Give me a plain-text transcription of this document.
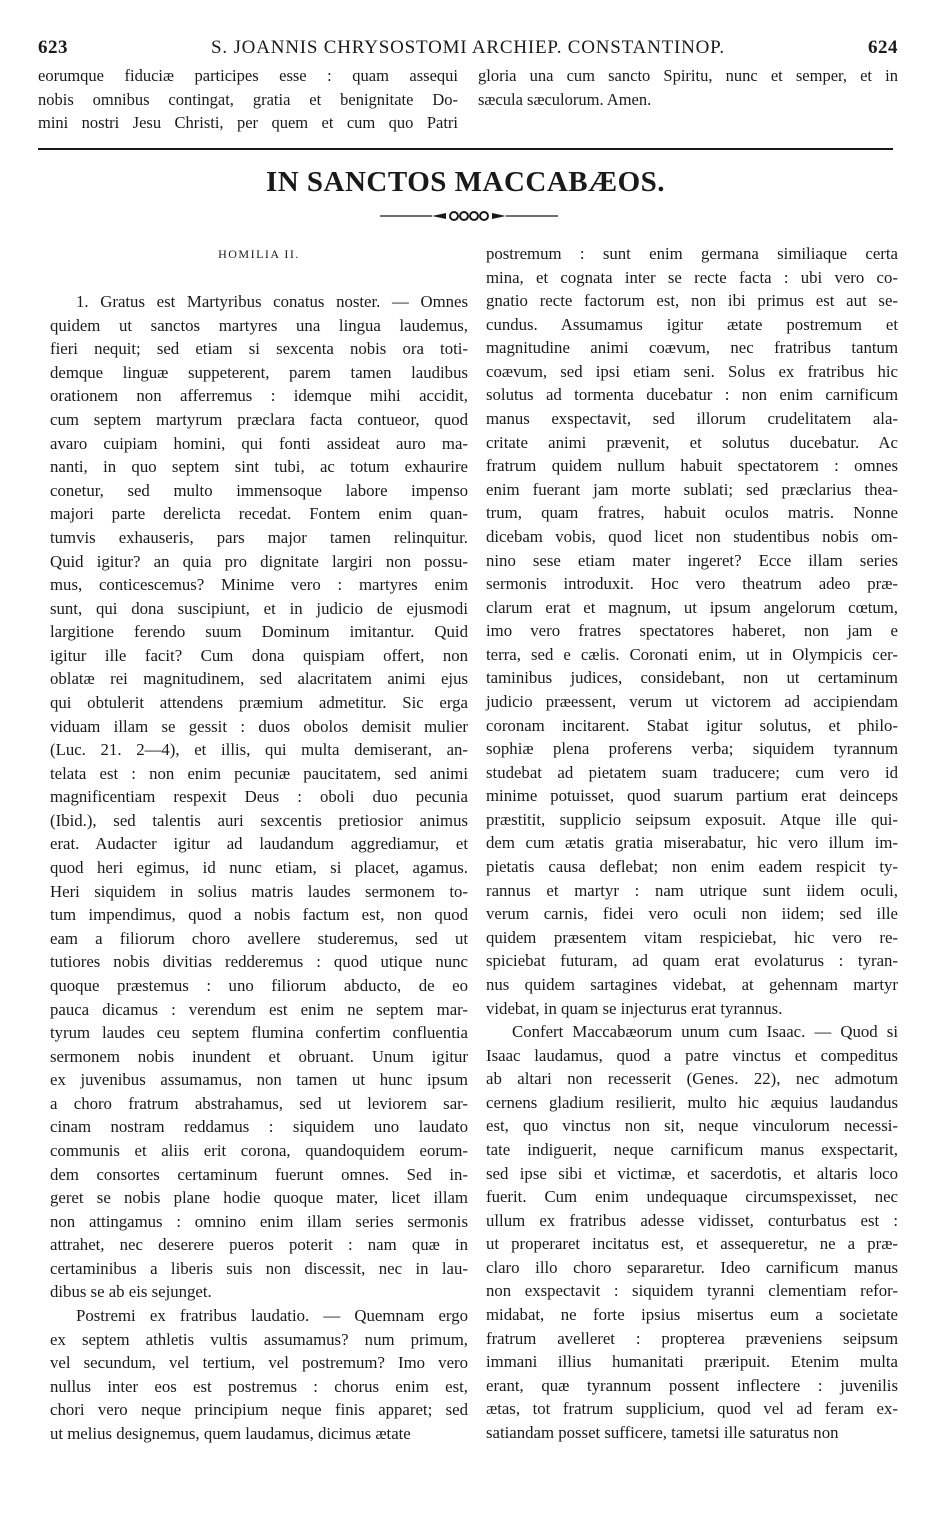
623	S. JOANNIS CHRYSOSTOMI ARCHIEP. CONSTANTINOP.	624
eorumque fiduciæ participes esse : quam assequi
nobis omnibus contingat, gratia et benignitate Do-
mini nostri Jesu Christi, per quem et cum quo Patri
gloria una cum sancto Spiritu, nunc et semper, et in
sæcula sæculorum. Amen.
IN SANCTOS MACCABÆOS.
HOMILIA II.
1. Gratus est Martyribus conatus noster. — Omnes
quidem ut sanctos martyres una lingua laudemus,
fieri nequit; sed etiam si sexcenta nobis ora toti-
demque linguæ suppeterent, parem tamen laudibus
orationem non afferremus : idemque mihi accidit,
cum septem martyrum præclara facta contueor, quod
avaro cuipiam homini, qui fonti assideat auro ma-
nanti, in quo septem sint tubi, ac totum exhaurire
conetur, sed multo immensoque labore impenso
majori parte derelicta recedat. Fontem enim quan-
tumvis exhauseris, pars major tamen relinquitur.
Quid igitur? an quia pro dignitate largiri non possu-
mus, conticescemus? Minime vero : martyres enim
sunt, qui dona suscipiunt, et in judicio de ejusmodi
largitione ferendo suum Dominum imitantur. Quid
igitur ille facit? Cum dona quispiam offert, non
oblatæ rei magnitudinem, sed alacritatem animi ejus
qui obtulerit attendens præmium admetitur. Sic erga
viduam illam se gessit : duos obolos demisit mulier
(Luc. 21. 2—4), et illis, qui multa demiserant, an-
telata est : non enim pecuniæ paucitatem, sed animi
magnificentiam respexit Deus : oboli duo pecunia
(Ibid.), sed talentis auri sexcentis pretiosior animus
erat. Audacter igitur ad laudandum aggrediamur, et
quod heri egimus, id nunc etiam, si placet, agamus.
Heri siquidem in solius matris laudes sermonem to-
tum impendimus, quod a nobis factum est, non quod
eam a filiorum choro avellere studeremus, sed ut
tutiores nobis divitias redderemus : quod utique nunc
quoque præstemus : uno filiorum abducto, de eo
pauca dicamus : verendum est enim ne septem mar-
tyrum laudes ceu septem flumina confertim confluentia
sermonem nobis inundent et obruant. Unum igitur
ex juvenibus assumamus, non tamen ut hunc ipsum
a choro fratrum abstrahamus, sed ut leviorem sar-
cinam nostram reddamus : siquidem uno laudato
communis et aliis erit corona, quandoquidem eorum-
dem consortes certaminum fuerunt omnes. Sed in-
geret se nobis plane hodie quoque mater, licet illam
non attingamus : omnino enim illam series sermonis
attrahet, nec deserere pueros poterit : nam quæ in
certaminibus a liberis suis non discessit, nec in lau-
dibus se ab eis sejunget.
Postremi ex fratribus laudatio. — Quemnam ergo
ex septem athletis vultis assumamus? num primum,
vel secundum, vel tertium, vel postremum? Imo vero
nullus inter eos est postremus : chorus enim est,
chori vero neque principium neque finis apparet; sed
ut melius designemus, quem laudamus, dicimus ætate
postremum : sunt enim germana similiaque certa
mina, et cognata inter se recte facta : ubi vero co-
gnatio recte factorum est, non ibi primus est aut se-
cundus. Assumamus igitur ætate postremum et
magnitudine animi coævum, nec fratribus tantum
coævum, sed ipsi etiam seni. Solus ex fratribus hic
solutus ad tormenta ducebatur : non enim carnificum
manus exspectavit, sed illorum crudelitatem ala-
critate animi prævenit, et solutus ducebatur. Ac
fratrum quidem nullum habuit spectatorem : omnes
enim fuerant jam morte sublati; sed præclarius thea-
trum, quam fratres, habuit oculos matris. Nonne
dicebam vobis, quod licet non studentibus nobis om-
nino sese etiam mater ingeret? Ecce illam series
sermonis introduxit. Hoc vero theatrum adeo præ-
clarum erat et magnum, ut ipsum angelorum cœtum,
imo vero fratres spectatores haberet, non jam e
terra, sed e cælis. Coronati enim, ut in Olympicis cer-
taminibus judices, considebant, non ut certaminum
judicio præessent, verum ut victorem ad accipiendam
coronam incitarent. Stabat igitur solutus, et philo-
sophiæ plena proferens verba; siquidem tyrannum
studebat ad pietatem suam traducere; cum vero id
minime potuisset, quod suarum partium erat deinceps
præstitit, supplicio seipsum exposuit. Atque ille qui-
dem cum ætatis gratia miserabatur, hic vero illum im-
pietatis causa deflebat; non enim eadem respicit ty-
rannus et martyr : nam utrique sunt iidem oculi,
verum carnis, fidei vero oculi non iidem; sed ille
quidem præsentem vitam respiciebat, hic vero re-
spiciebat futuram, ad quam erat evolaturus : tyran-
nus quidem sartagines videbat, at gehennam martyr
videbat, in quam se injecturus erat tyrannus.
Confert Maccabæorum unum cum Isaac. — Quod si
Isaac laudamus, quod a patre vinctus et compeditus
ab altari non recesserit (Genes. 22), nec admotum
cernens gladium resilierit, multo hic æquius laudandus
est, quo vinctus non sit, neque vinculorum necessi-
tate indiguerit, neque carnificum manus exspectarit,
sed ipse sibi et victimæ, et sacerdotis, et altaris loco
fuerit. Cum enim undequaque circumspexisset, nec
ullum ex fratribus adesse vidisset, conturbatus est :
ut properaret incitatus est, et assequeretur, ne a præ-
claro illo choro separaretur. Ideo carnificum manus
non exspectavit : siquidem tyranni clementiam refor-
midabat, ne forte ipsius misertus eum a societate
fratrum avelleret : propterea præveniens seipsum
immani illius humanitati præripuit. Etenim multa
erant, quæ tyrannum possent inflectere : juvenilis
ætas, tot fratrum supplicium, quod vel ad feram ex-
satiandam posset sufficere, tametsi ille saturatus non
